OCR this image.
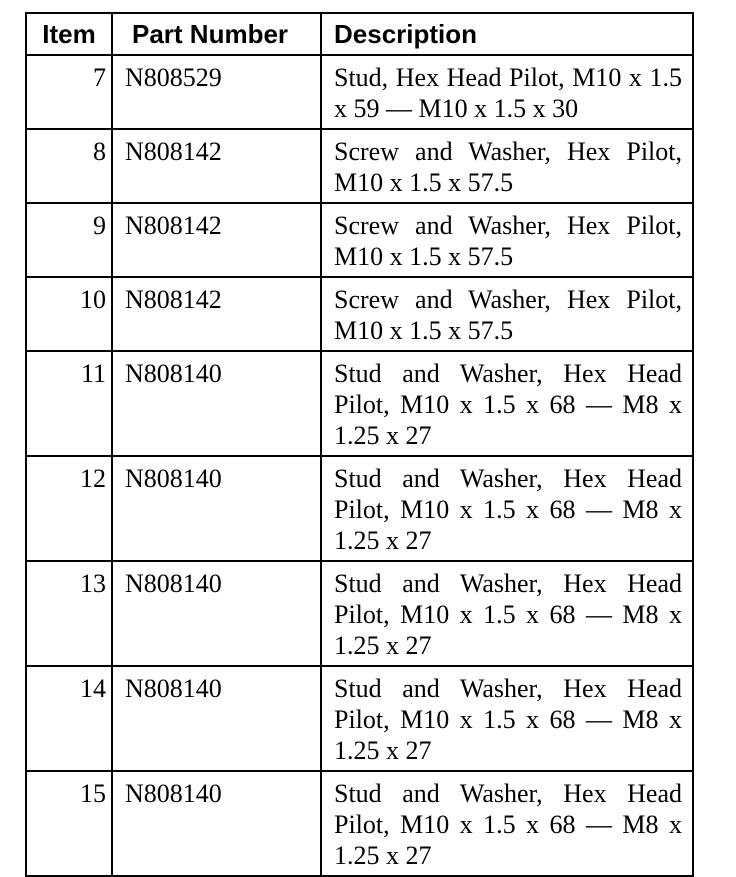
Item	Part Number	Description
7	N808529	Stud, Hex Head Pilot, M10 x 1.5 x 59 — M10 x 1.5 x 30
8	N808142	Screw and Washer, Hex Pilot, M10 x 1.5 x 57.5
9	N808142	Screw and Washer, Hex Pilot, M10 x 1.5 x 57.5
10	N808142	Screw and Washer, Hex Pilot, M10 x 1.5 x 57.5
11	N808140	Stud and Washer, Hex Head Pilot, M10 x 1.5 x 68 — M8 x 1.25 x 27
12	N808140	Stud and Washer, Hex Head Pilot, M10 x 1.5 x 68 — M8 x 1.25 x 27
13	N808140	Stud and Washer, Hex Head Pilot, M10 x 1.5 x 68 — M8 x 1.25 x 27
14	N808140	Stud and Washer, Hex Head Pilot, M10 x 1.5 x 68 — M8 x 1.25 x 27
15	N808140	Stud and Washer, Hex Head Pilot, M10 x 1.5 x 68 — M8 x 1.25 x 27
